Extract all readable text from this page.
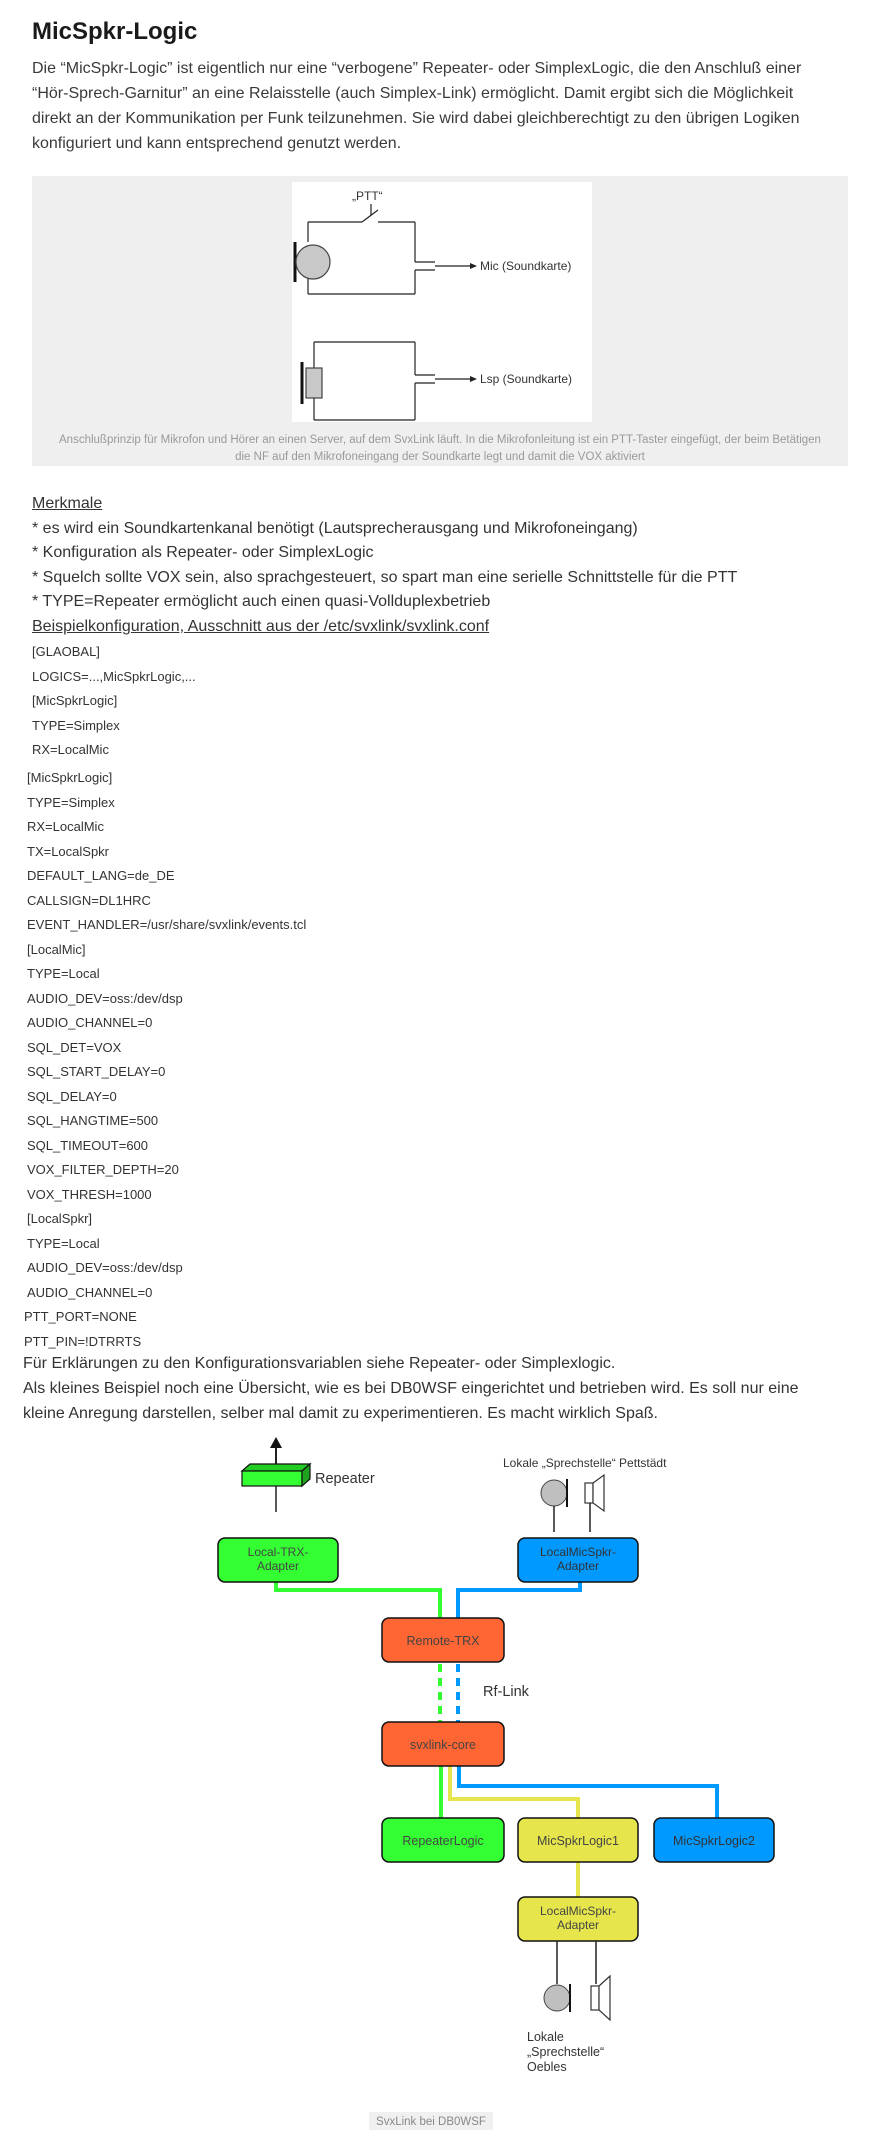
MicSpkr-Logic

Die “MicSpkr-Logic” ist eigentlich nur eine “verbogene” Repeater- oder SimplexLogic, die den Anschluß einer “Hör-Sprech-Garnitur” an eine Relaisstelle (auch Simplex-Link) ermöglicht. Damit ergibt sich die Möglichkeit direkt an der Kommunikation per Funk teilzunehmen. Sie wird dabei gleichberechtigt zu den übrigen Logiken konfiguriert und kann entsprechend genutzt werden.

„PTT“
Mic (Soundkarte)
Lsp (Soundkarte)
Anschlußprinzip für Mikrofon und Hörer an einen Server, auf dem SvxLink läuft. In die Mikrofonleitung ist ein PTT-Taster eingefügt, der beim Betätigen die NF auf den Mikrofoneingang der Soundkarte legt und damit die VOX aktiviert
Merkmale
* es wird ein Soundkartenkanal benötigt (Lautsprecherausgang und Mikrofoneingang)
* Konfiguration als Repeater- oder SimplexLogic
* Squelch sollte VOX sein, also sprachgesteuert, so spart man eine serielle Schnittstelle für die PTT
* TYPE=Repeater ermöglicht auch einen quasi-Vollduplexbetrieb
Beispielkonfiguration, Ausschnitt aus der /etc/svxlink/svxlink.conf
[GLAOBAL]
LOGICS=...,MicSpkrLogic,...
[MicSpkrLogic]
TYPE=Simplex
RX=LocalMic
[MicSpkrLogic]
TYPE=Simplex
RX=LocalMic
TX=LocalSpkr
DEFAULT_LANG=de_DE
CALLSIGN=DL1HRC
EVENT_HANDLER=/usr/share/svxlink/events.tcl
[LocalMic]
TYPE=Local
AUDIO_DEV=oss:/dev/dsp
AUDIO_CHANNEL=0
SQL_DET=VOX
SQL_START_DELAY=0
SQL_DELAY=0
SQL_HANGTIME=500
SQL_TIMEOUT=600
VOX_FILTER_DEPTH=20
VOX_THRESH=1000
[LocalSpkr]
TYPE=Local
AUDIO_DEV=oss:/dev/dsp
AUDIO_CHANNEL=0
PTT_PORT=NONE
PTT_PIN=!DTRRTS
Für Erklärungen zu den Konfigurationsvariablen siehe Repeater- oder Simplexlogic.
Als kleines Beispiel noch eine Übersicht, wie es bei DB0WSF eingerichtet und betrieben wird. Es soll nur eine kleine Anregung darstellen, selber mal damit zu experimentieren. Es macht wirklich Spaß.
Repeater
Lokale „Sprechstelle“ Pettstädt
Rf-Link
Local-TRX-
Adapter
LocalMicSpkr-
Adapter
Remote-TRX
svxlink-core
RepeaterLogic	MicSpkrLogic1	MicSpkrLogic2
LocalMicSpkr-
Adapter
Lokale
„Sprechstelle“
Oebles
SvxLink bei DB0WSF
